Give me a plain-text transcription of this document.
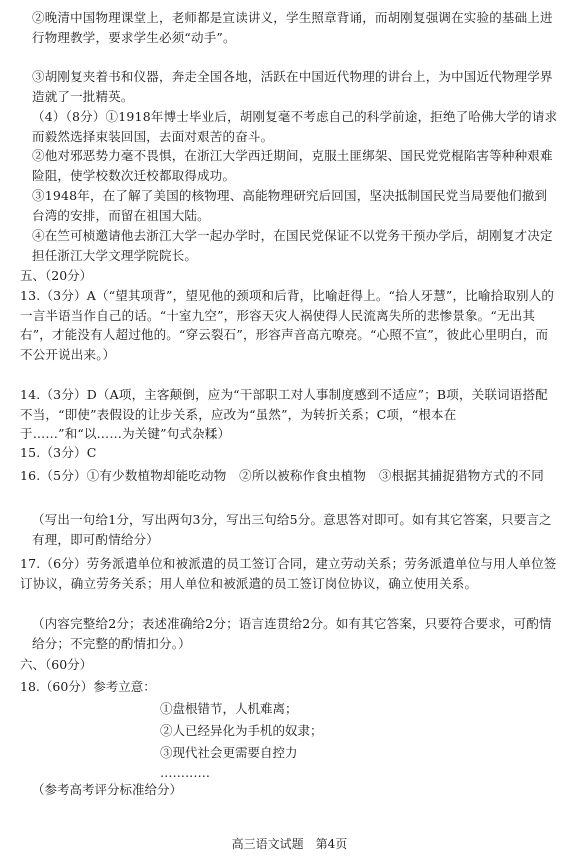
②晚清中国物理课堂上，老师都是宣读讲义，学生照章背诵，而胡刚复强调在实验的基础上进行物理教学，要求学生必须“动手”。

③胡刚复夹着书和仪器，奔走全国各地，活跃在中国近代物理的讲台上，为中国近代物理学界造就了一批精英。

（4）（8分）①1918年博士毕业后，胡刚复毫不考虑自己的科学前途，拒绝了哈佛大学的请求而毅然选择束装回国，去面对艰苦的奋斗。

②他对邪恶势力毫不畏惧，在浙江大学西迁期间，克服土匪绑架、国民党党棍陷害等种种艰难险阻，使学校数次迁校都取得成功。

③1948年，在了解了美国的核物理、高能物理研究后回国，坚决抵制国民党当局要他们撤到台湾的安排，而留在祖国大陆。

④在竺可桢邀请他去浙江大学一起办学时，在国民党保证不以党务干预办学后，胡刚复才决定担任浙江大学文理学院院长。

五、（20分）

13.（3分）A（“望其项背”，望见他的颈项和后背，比喻赶得上。“拾人牙慧”，比喻拾取别人的一言半语当作自己的话。“十室九空”，形容天灾人祸使得人民流离失所的悲惨景象。“无出其右”，才能没有人超过他的。“穿云裂石”，形容声音高亢嘹亮。“心照不宣”，彼此心里明白，而不公开说出来。）

14.（3分）D（A项，主客颠倒，应为“干部职工对人事制度感到不适应”；B项，关联词语搭配不当，“即使”表假设的让步关系，应改为“虽然”，为转折关系；C项，“根本在于……”和“以……为关键”句式杂糅）

15.（3分）C

16.（5分）①有少数植物却能吃动物　②所以被称作食虫植物　③根据其捕捉猎物方式的不同

（写出一句给1分，写出两句3分，写出三句给5分。意思答对即可。如有其它答案，只要言之有理，即可酌情给分）

17.（6分）劳务派遣单位和被派遣的员工签订合同，建立劳动关系；劳务派遣单位与用人单位签订协议，确立劳务关系；用人单位和被派遣的员工签订岗位协议，确立使用关系。

（内容完整给2分；表述准确给2分；语言连贯给2分。如有其它答案，只要符合要求，可酌情给分；不完整的酌情扣分。）

六、（60分）

18.（60分）参考立意：

①盘根错节，人机难离；

②人已经异化为手机的奴隶；

③现代社会更需要自控力

…………

（参考高考评分标准给分）

高三语文试题　第4页
